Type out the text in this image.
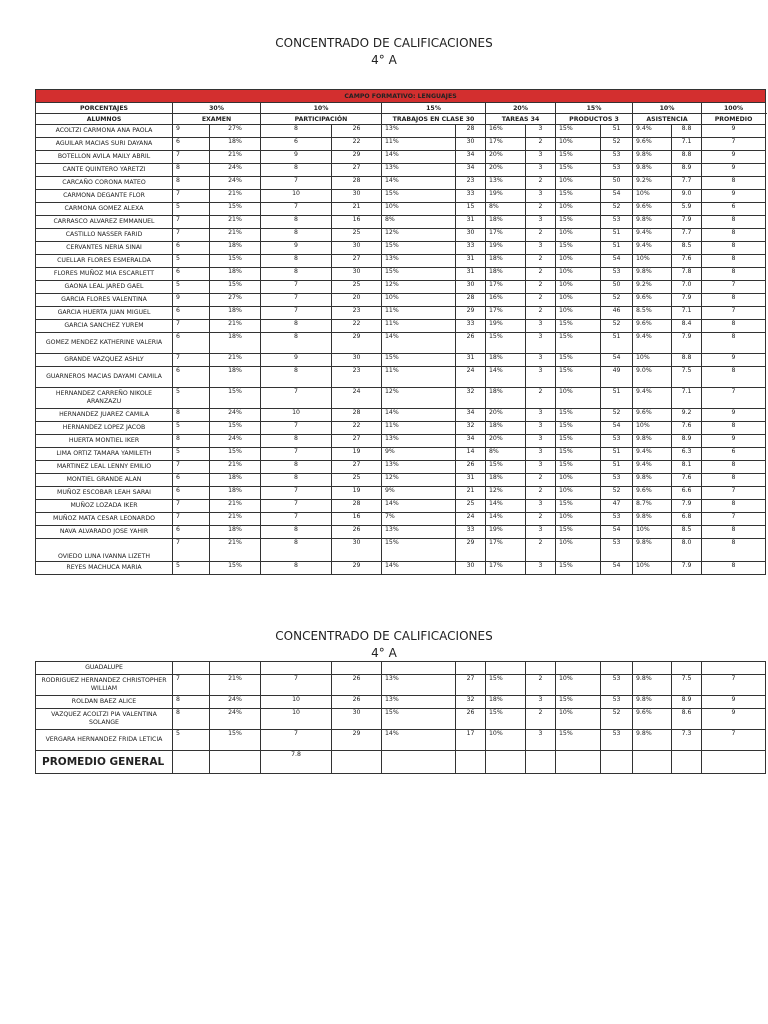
CONCENTRADO DE CALIFICACIONES
4° A
CAMPO FORMATIVO: LENGUAJES													
PORCENTAJES	30%		10%		15%		20%		15%		10%		100%
ALUMNOS	EXAMEN		PARTICIPACIÓN		TRABAJOS EN CLASE 30		TAREAS 34		PRODUCTOS 3		ASISTENCIA		PROMEDIO
ACOLTZI CARMONA ANA PAOLA	9	27%	8	26	13%	28	16%	3	15%	51	9.4%	8.8	9
AGUILAR MACIAS SURI DAYANA	6	18%	6	22	11%	30	17%	2	10%	52	9.6%	7.1	7
BOTELLON AVILA MAILY ABRIL	7	21%	9	29	14%	34	20%	3	15%	53	9.8%	8.8	9
CANTE QUINTERO YARETZI	8	24%	8	27	13%	34	20%	3	15%	53	9.8%	8.9	9
CARCAÑO CORONA MATEO	8	24%	7	28	14%	23	13%	2	10%	50	9.2%	7.7	8
CARMONA DEGANTE FLOR	7	21%	10	30	15%	33	19%	3	15%	54	10%	9.0	9
CARMONA GOMEZ ALEXA	5	15%	7	21	10%	15	8%	2	10%	52	9.6%	5.9	6
CARRASCO ALVAREZ EMMANUEL	7	21%	8	16	8%	31	18%	3	15%	53	9.8%	7.9	8
CASTILLO NASSER FARID	7	21%	8	25	12%	30	17%	2	10%	51	9.4%	7.7	8
CERVANTES NERIA SINAI	6	18%	9	30	15%	33	19%	3	15%	51	9.4%	8.5	8
CUELLAR FLORES ESMERALDA	5	15%	8	27	13%	31	18%	2	10%	54	10%	7.6	8
FLORES MUÑOZ MIA ESCARLETT	6	18%	8	30	15%	31	18%	2	10%	53	9.8%	7.8	8
GAONA LEAL JARED GAEL	5	15%	7	25	12%	30	17%	2	10%	50	9.2%	7.0	7
GARCIA FLORES VALENTINA	9	27%	7	20	10%	28	16%	2	10%	52	9.6%	7.9	8
GARCIA HUERTA JUAN MIGUEL	6	18%	7	23	11%	29	17%	2	10%	46	8.5%	7.1	7
GARCIA SANCHEZ YUREM	7	21%	8	22	11%	33	19%	3	15%	52	9.6%	8.4	8
GOMEZ MENDEZ KATHERINE VALERIA	6	18%	8	29	14%	26	15%	3	15%	51	9.4%	7.9	8
GRANDE VAZQUEZ ASHLY	7	21%	9	30	15%	31	18%	3	15%	54	10%	8.8	9
GUARNEROS MACIAS DAYAMI CAMILA	6	18%	8	23	11%	24	14%	3	15%	49	9.0%	7.5	8
HERNANDEZ CARREÑO NIKOLE ARANZAZU	5	15%	7	24	12%	32	18%	2	10%	51	9.4%	7.1	7
HERNANDEZ JUAREZ CAMILA	8	24%	10	28	14%	34	20%	3	15%	52	9.6%	9.2	9
HERNANDEZ LOPEZ JACOB	5	15%	7	22	11%	32	18%	3	15%	54	10%	7.6	8
HUERTA MONTIEL IKER	8	24%	8	27	13%	34	20%	3	15%	53	9.8%	8.9	9
LIMA ORTIZ TAMARA YAMILETH	5	15%	7	19	9%	14	8%	3	15%	51	9.4%	6.3	6
MARTINEZ LEAL LENNY EMILIO	7	21%	8	27	13%	26	15%	3	15%	51	9.4%	8.1	8
MONTIEL GRANDE ALAN	6	18%	8	25	12%	31	18%	2	10%	53	9.8%	7.6	8
MUÑOZ ESCOBAR LEAH SARAI	6	18%	7	19	9%	21	12%	2	10%	52	9.6%	6.6	7
MUÑOZ LOZADA IKER	7	21%	7	28	14%	25	14%	3	15%	47	8.7%	7.9	8
MUÑOZ MATA CESAR LEONARDO	7	21%	7	16	7%	24	14%	2	10%	53	9.8%	6.8	7
NAVA ALVARADO JOSE YAHIR	6	18%	8	26	13%	33	19%	3	15%	54	10%	8.5	8
OVIEDO LUNA IVANNA LIZETH	7	21%	8	30	15%	29	17%	2	10%	53	9.8%	8.0	8
REYES MACHUCA MARIA	5	15%	8	29	14%	30	17%	3	15%	54	10%	7.9	8
CONCENTRADO DE CALIFICACIONES
4° A
GUADALUPE													
RODRIGUEZ HERNANDEZ CHRISTOPHER WILLIAM	7	21%	7	26	13%	27	15%	2	10%	53	9.8%	7.5	7
ROLDAN BAEZ ALICE	8	24%	10	26	13%	32	18%	3	15%	53	9.8%	8.9	9
VAZQUEZ ACOLTZI PIA VALENTINA SOLANGE	8	24%	10	30	15%	26	15%	2	10%	52	9.6%	8.6	9
VERGARA HERNANDEZ FRIDA LETICIA	5	15%	7	29	14%	17	10%	3	15%	53	9.8%	7.3	7
PROMEDIO GENERAL			7.8										
